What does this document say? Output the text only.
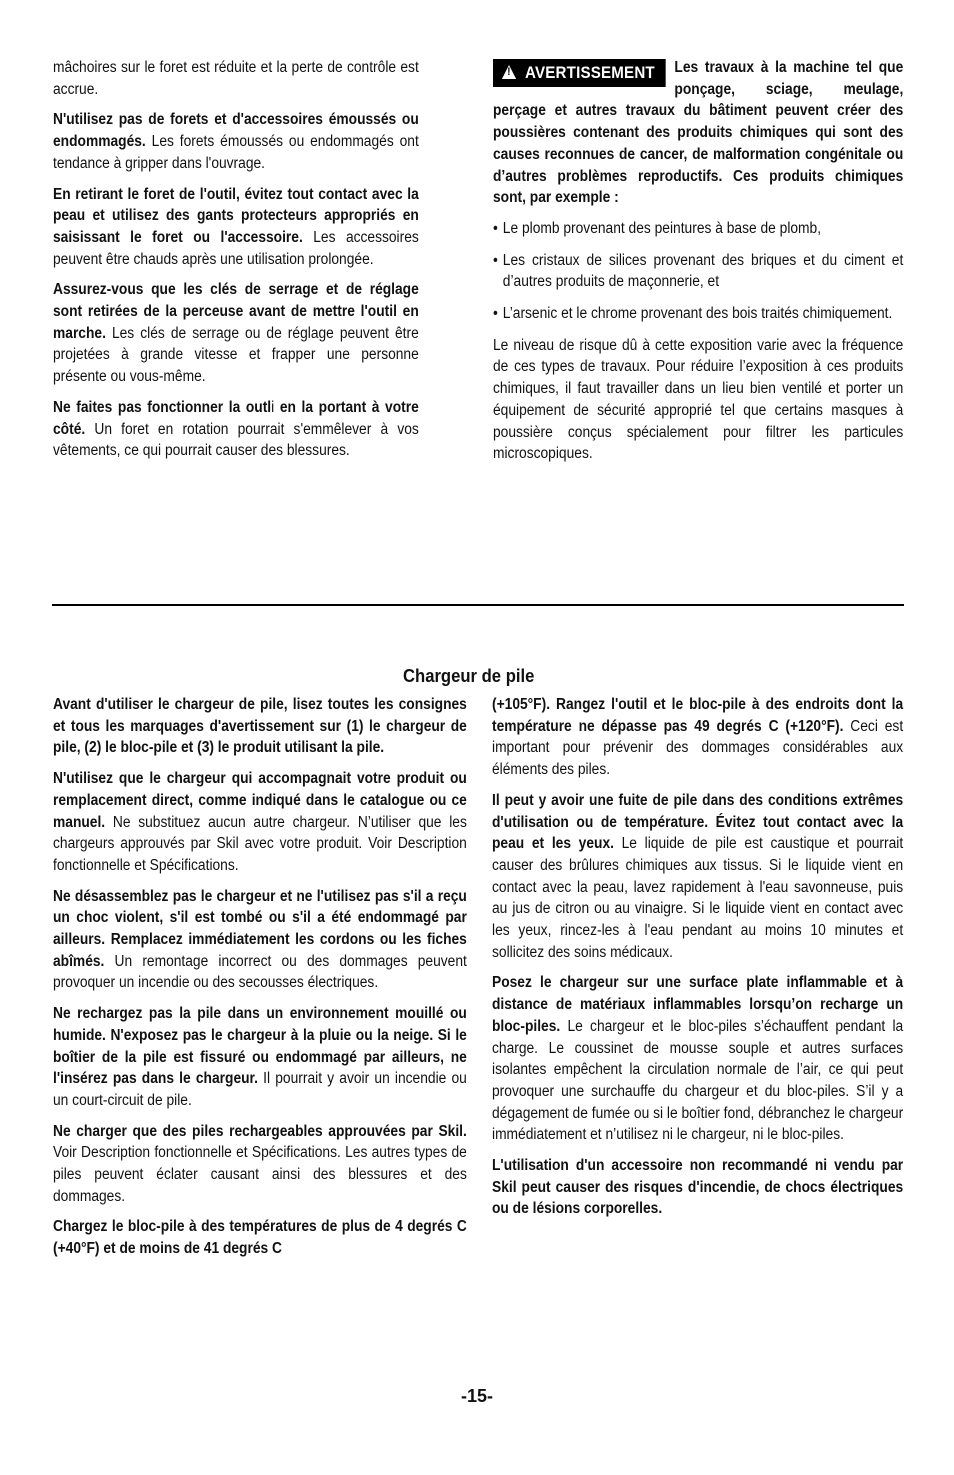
mâchoires sur le foret est réduite et la perte de contrôle est accrue.

N'utilisez pas de forets et d'accessoires émoussés ou endommagés. Les forets émoussés ou endommagés ont tendance à gripper dans l'ouvrage.

En retirant le foret de l'outil, évitez tout contact avec la peau et utilisez des gants protecteurs appropriés en saisissant le foret ou l'accessoire. Les accessoires peuvent être chauds après une utilisation prolongée.

Assurez-vous que les clés de serrage et de réglage sont retirées de la perceuse avant de mettre l'outil en marche. Les clés de serrage ou de réglage peuvent être projetées à grande vitesse et frapper une personne présente ou vous-même.

Ne faites pas fonctionner la outli en la portant à votre côté. Un foret en rotation pourrait s'emmêlever à vos vêtements, ce qui pourrait causer des blessures.

! AVERTISSEMENT	Les travaux à la machine tel que ponçage, sciage, meulage, perçage et autres travaux du bâtiment peuvent créer des poussières contenant des produits chimiques qui sont des causes reconnues de cancer, de malformation congénitale ou d’autres problèmes reproductifs. Ces produits chimiques sont, par exemple :

• Le plomb provenant des peintures à base de plomb,
• Les cristaux de silices provenant des briques et du ciment et d’autres produits de maçonnerie, et
• L’arsenic et le chrome provenant des bois traités chimiquement.

Le niveau de risque dû à cette exposition varie avec la fréquence de ces types de travaux. Pour réduire l’exposition à ces produits chimiques, il faut travailler dans un lieu bien ventilé et porter un équipement de sécurité approprié tel que certains masques à poussière conçus spécialement pour filtrer les particules microscopiques.

Chargeur de pile

Avant d'utiliser le chargeur de pile, lisez toutes les consignes et tous les marquages d'avertissement sur (1) le chargeur de pile, (2) le bloc-pile et (3) le produit utilisant la pile.

N'utilisez que le chargeur qui accompagnait votre produit ou remplacement direct, comme indiqué dans le catalogue ou ce manuel. Ne substituez aucun autre chargeur. N’utiliser que les chargeurs approuvés par Skil avec votre produit. Voir Description fonctionnelle et Spécifications.

Ne désassemblez pas le chargeur et ne l'utilisez pas s'il a reçu un choc violent, s'il est tombé ou s'il a été endommagé par ailleurs. Remplacez immédiatement les cordons ou les fiches abîmés. Un remontage incorrect ou des dommages peuvent provoquer un incendie ou des secousses électriques.

Ne rechargez pas la pile dans un environnement mouillé ou humide. N'exposez pas le chargeur à la pluie ou la neige. Si le boîtier de la pile est fissuré ou endommagé par ailleurs, ne l'insérez pas dans le chargeur. Il pourrait y avoir un incendie ou un court-circuit de pile.

Ne charger que des piles rechargeables approuvées par Skil. Voir Description fonctionnelle et Spécifications. Les autres types de piles peuvent éclater causant ainsi des blessures et des dommages.

Chargez le bloc-pile à des températures de plus de 4 degrés C (+40°F) et de moins de 41 degrés C

(+105°F). Rangez l'outil et le bloc-pile à des endroits dont la température ne dépasse pas 49 degrés C (+120°F). Ceci est important pour prévenir des dommages considérables aux éléments des piles.

Il peut y avoir une fuite de pile dans des conditions extrêmes d'utilisation ou de température. Évitez tout contact avec la peau et les yeux. Le liquide de pile est caustique et pourrait causer des brûlures chimiques aux tissus. Si le liquide vient en contact avec la peau, lavez rapidement à l'eau savonneuse, puis au jus de citron ou au vinaigre. Si le liquide vient en contact avec les yeux, rincez-les à l'eau pendant au moins 10 minutes et sollicitez des soins médicaux.

Posez le chargeur sur une surface plate inflammable et à distance de matériaux inflammables lorsqu’on recharge un bloc-piles. Le chargeur et le bloc-piles s’échauffent pendant la charge. Le coussinet de mousse souple et autres surfaces isolantes empêchent la circulation normale de l’air, ce qui peut provoquer une surchauffe du chargeur et du bloc-piles. S’il y a dégagement de fumée ou si le boîtier fond, débranchez le chargeur immédiatement et n’utilisez ni le chargeur, ni le bloc-piles.

L'utilisation d'un accessoire non recommandé ni vendu par Skil peut causer des risques d'incendie, de chocs électriques ou de lésions corporelles.

-15-
